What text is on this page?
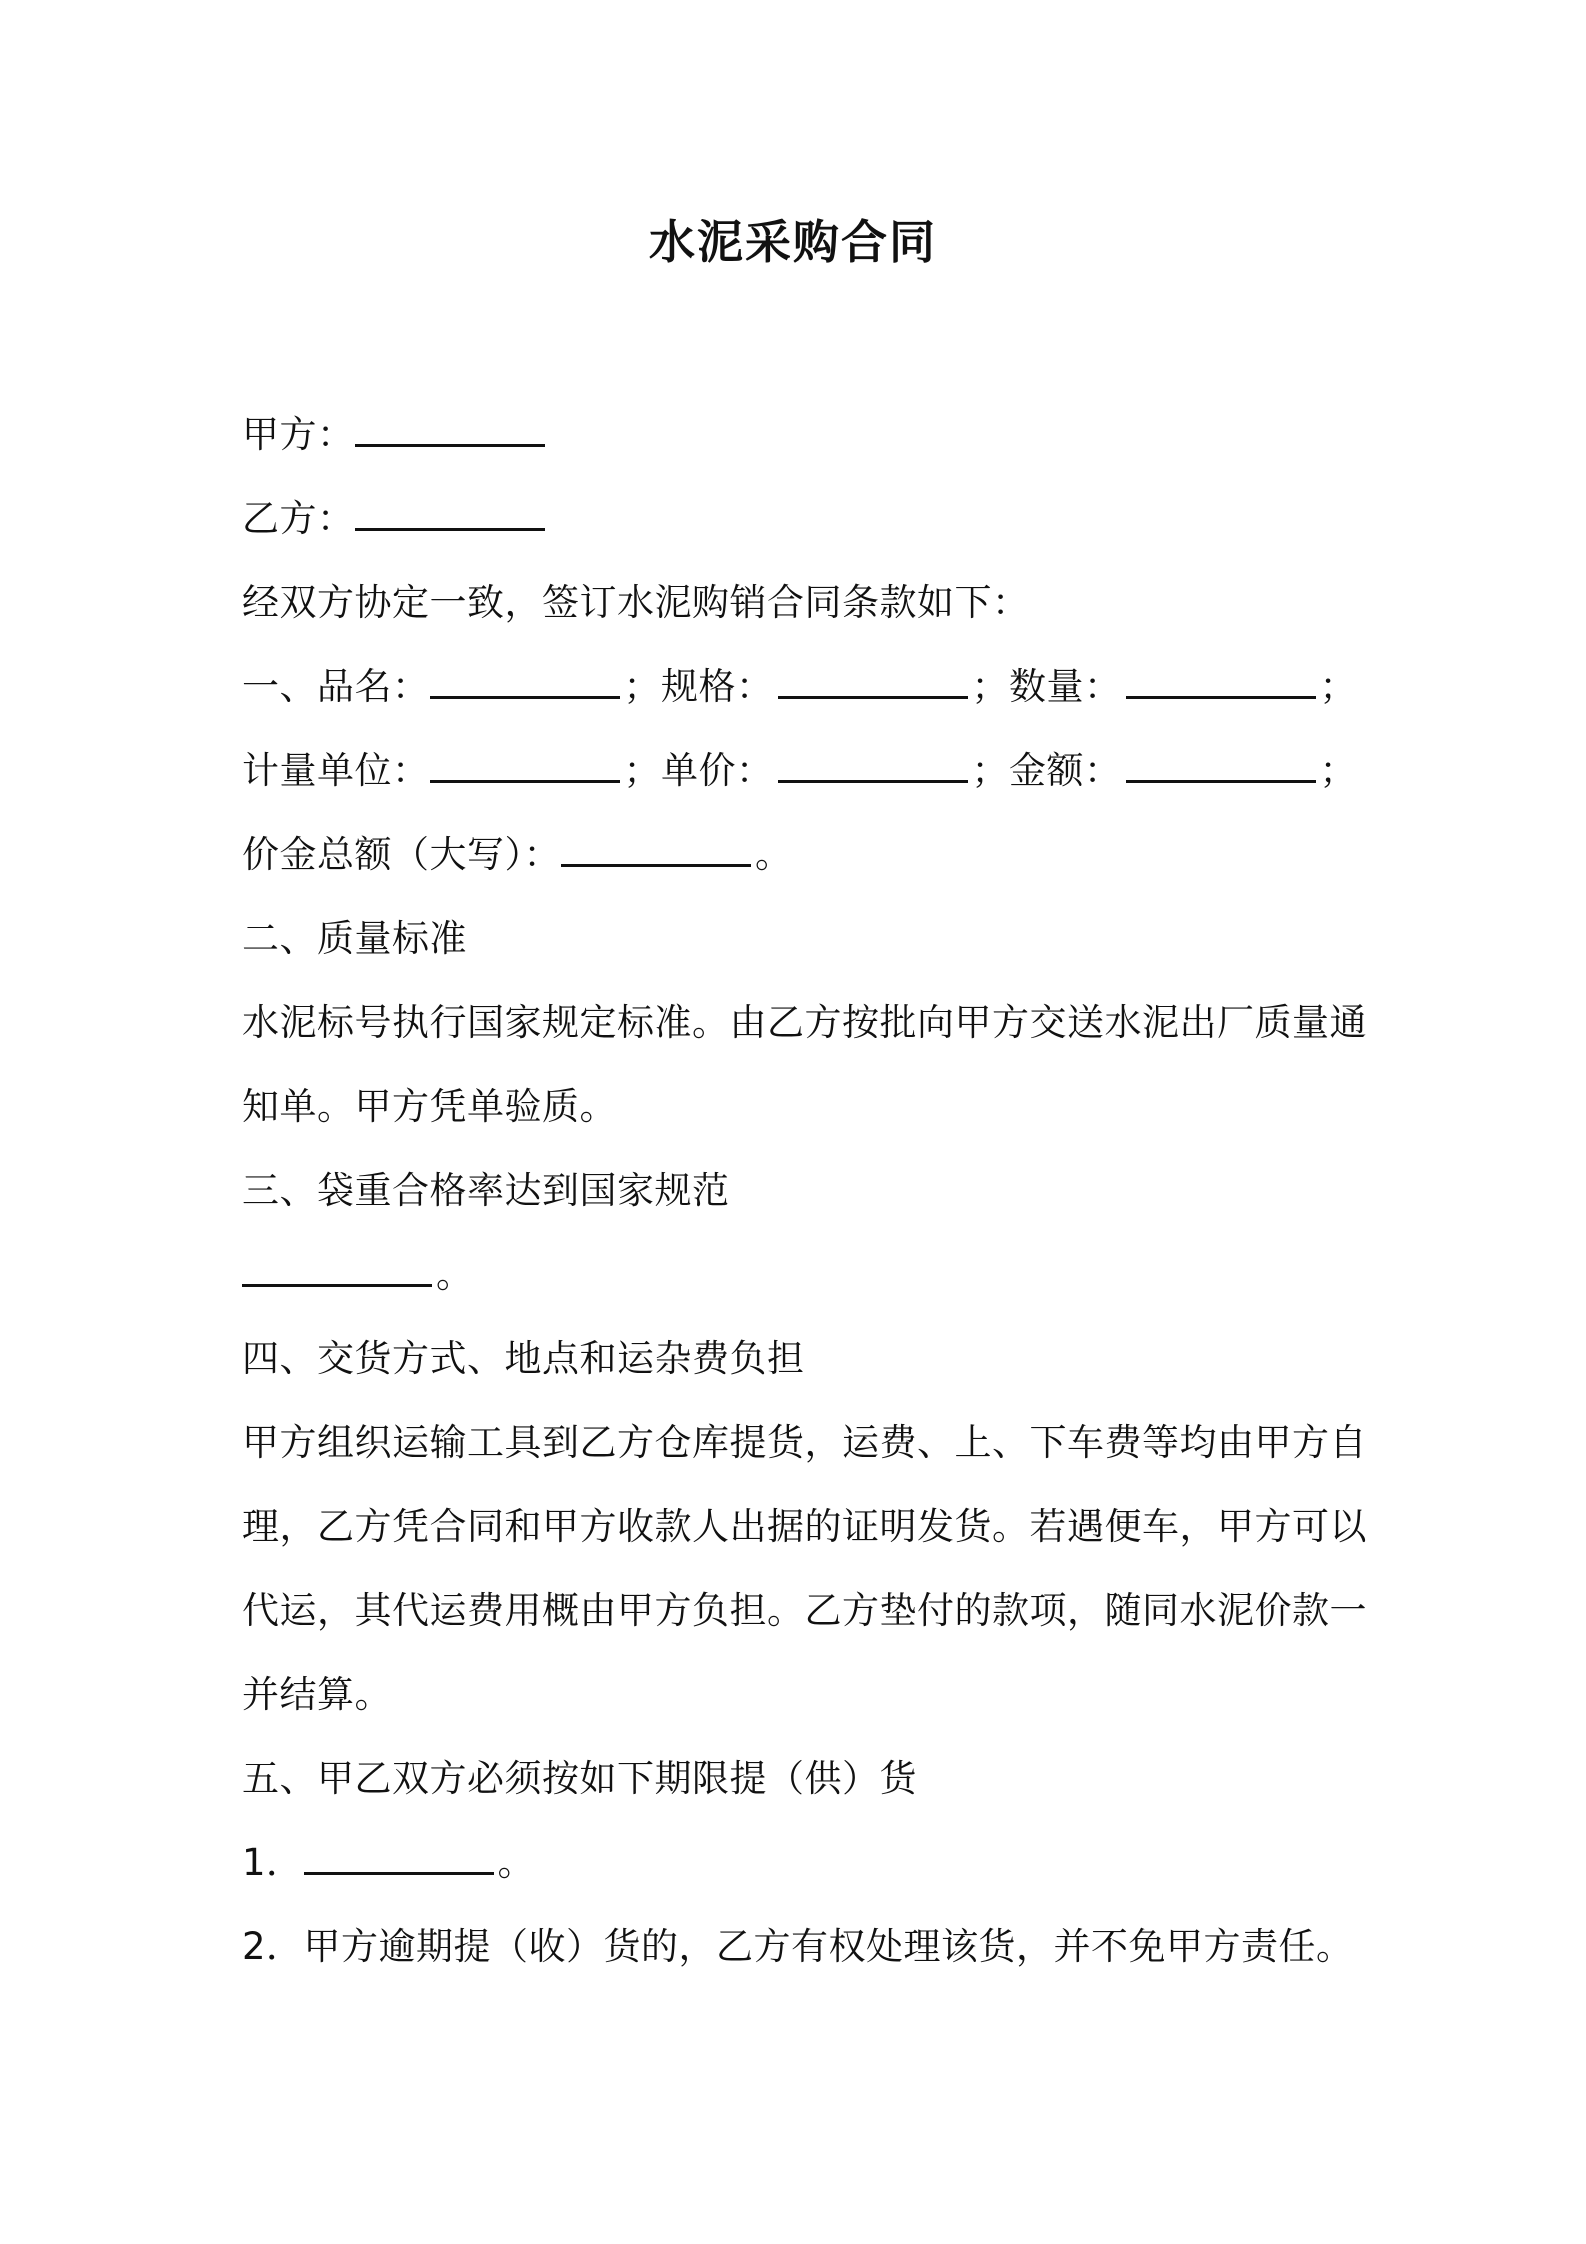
水泥采购合同
甲方：
乙方：
经双方协定一致，签订水泥购销合同条款如下：
一、品名：	；规格：	；数量：	；
计量单位：	；单价：	；金额：	；
价金总额（大写）：	。
二、质量标准
水泥标号执行国家规定标准。由乙方按批向甲方交送水泥出厂质量通
知单。甲方凭单验质。
三、袋重合格率达到国家规范
。
四、交货方式、地点和运杂费负担
甲方组织运输工具到乙方仓库提货，运费、上、下车费等均由甲方自
理，乙方凭合同和甲方收款人出据的证明发货。若遇便车，甲方可以
代运，其代运费用概由甲方负担。乙方垫付的款项，随同水泥价款一
并结算。
五、甲乙双方必须按如下期限提（供）货
1．	。
2．甲方逾期提（收）货的，乙方有权处理该货，并不免甲方责任。
